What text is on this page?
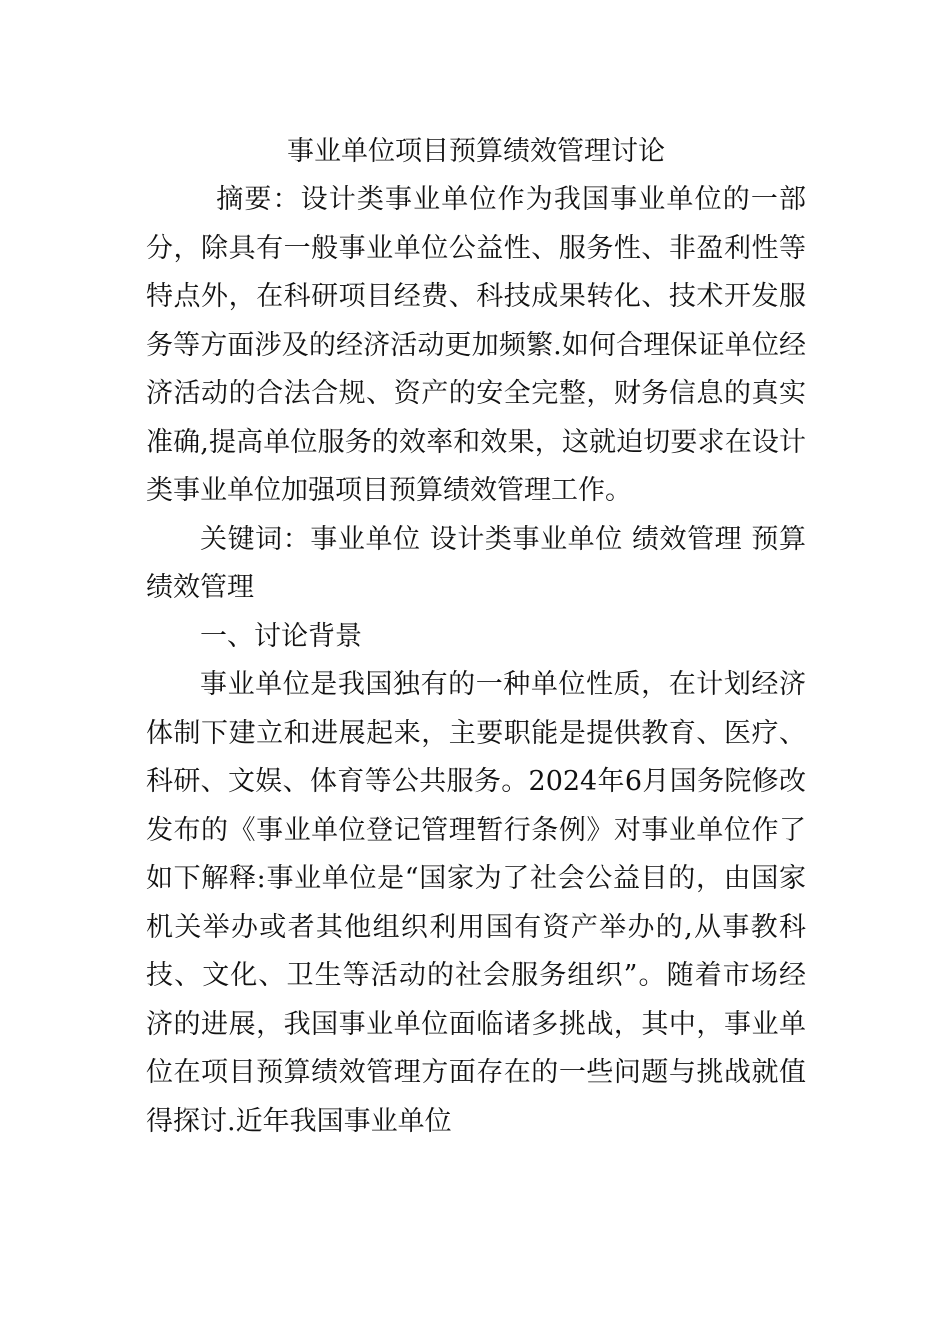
事业单位项目预算绩效管理讨论

摘要：设计类事业单位作为我国事业单位的一部分，除具有一般事业单位公益性、服务性、非盈利性等特点外，在科研项目经费、科技成果转化、技术开发服务等方面涉及的经济活动更加频繁.如何合理保证单位经济活动的合法合规、资产的安全完整，财务信息的真实准确,提高单位服务的效率和效果，这就迫切要求在设计类事业单位加强项目预算绩效管理工作。

关键词：事业单位 设计类事业单位 绩效管理 预算绩效管理

一、讨论背景

事业单位是我国独有的一种单位性质，在计划经济体制下建立和进展起来，主要职能是提供教育、医疗、科研、文娱、体育等公共服务。2024年6月国务院修改发布的《事业单位登记管理暂行条例》对事业单位作了如下解释:事业单位是“国家为了社会公益目的，由国家机关举办或者其他组织利用国有资产举办的,从事教科技、文化、卫生等活动的社会服务组织”。随着市场经济的进展，我国事业单位面临诸多挑战，其中，事业单位在项目预算绩效管理方面存在的一些问题与挑战就值得探讨.近年我国事业单位
